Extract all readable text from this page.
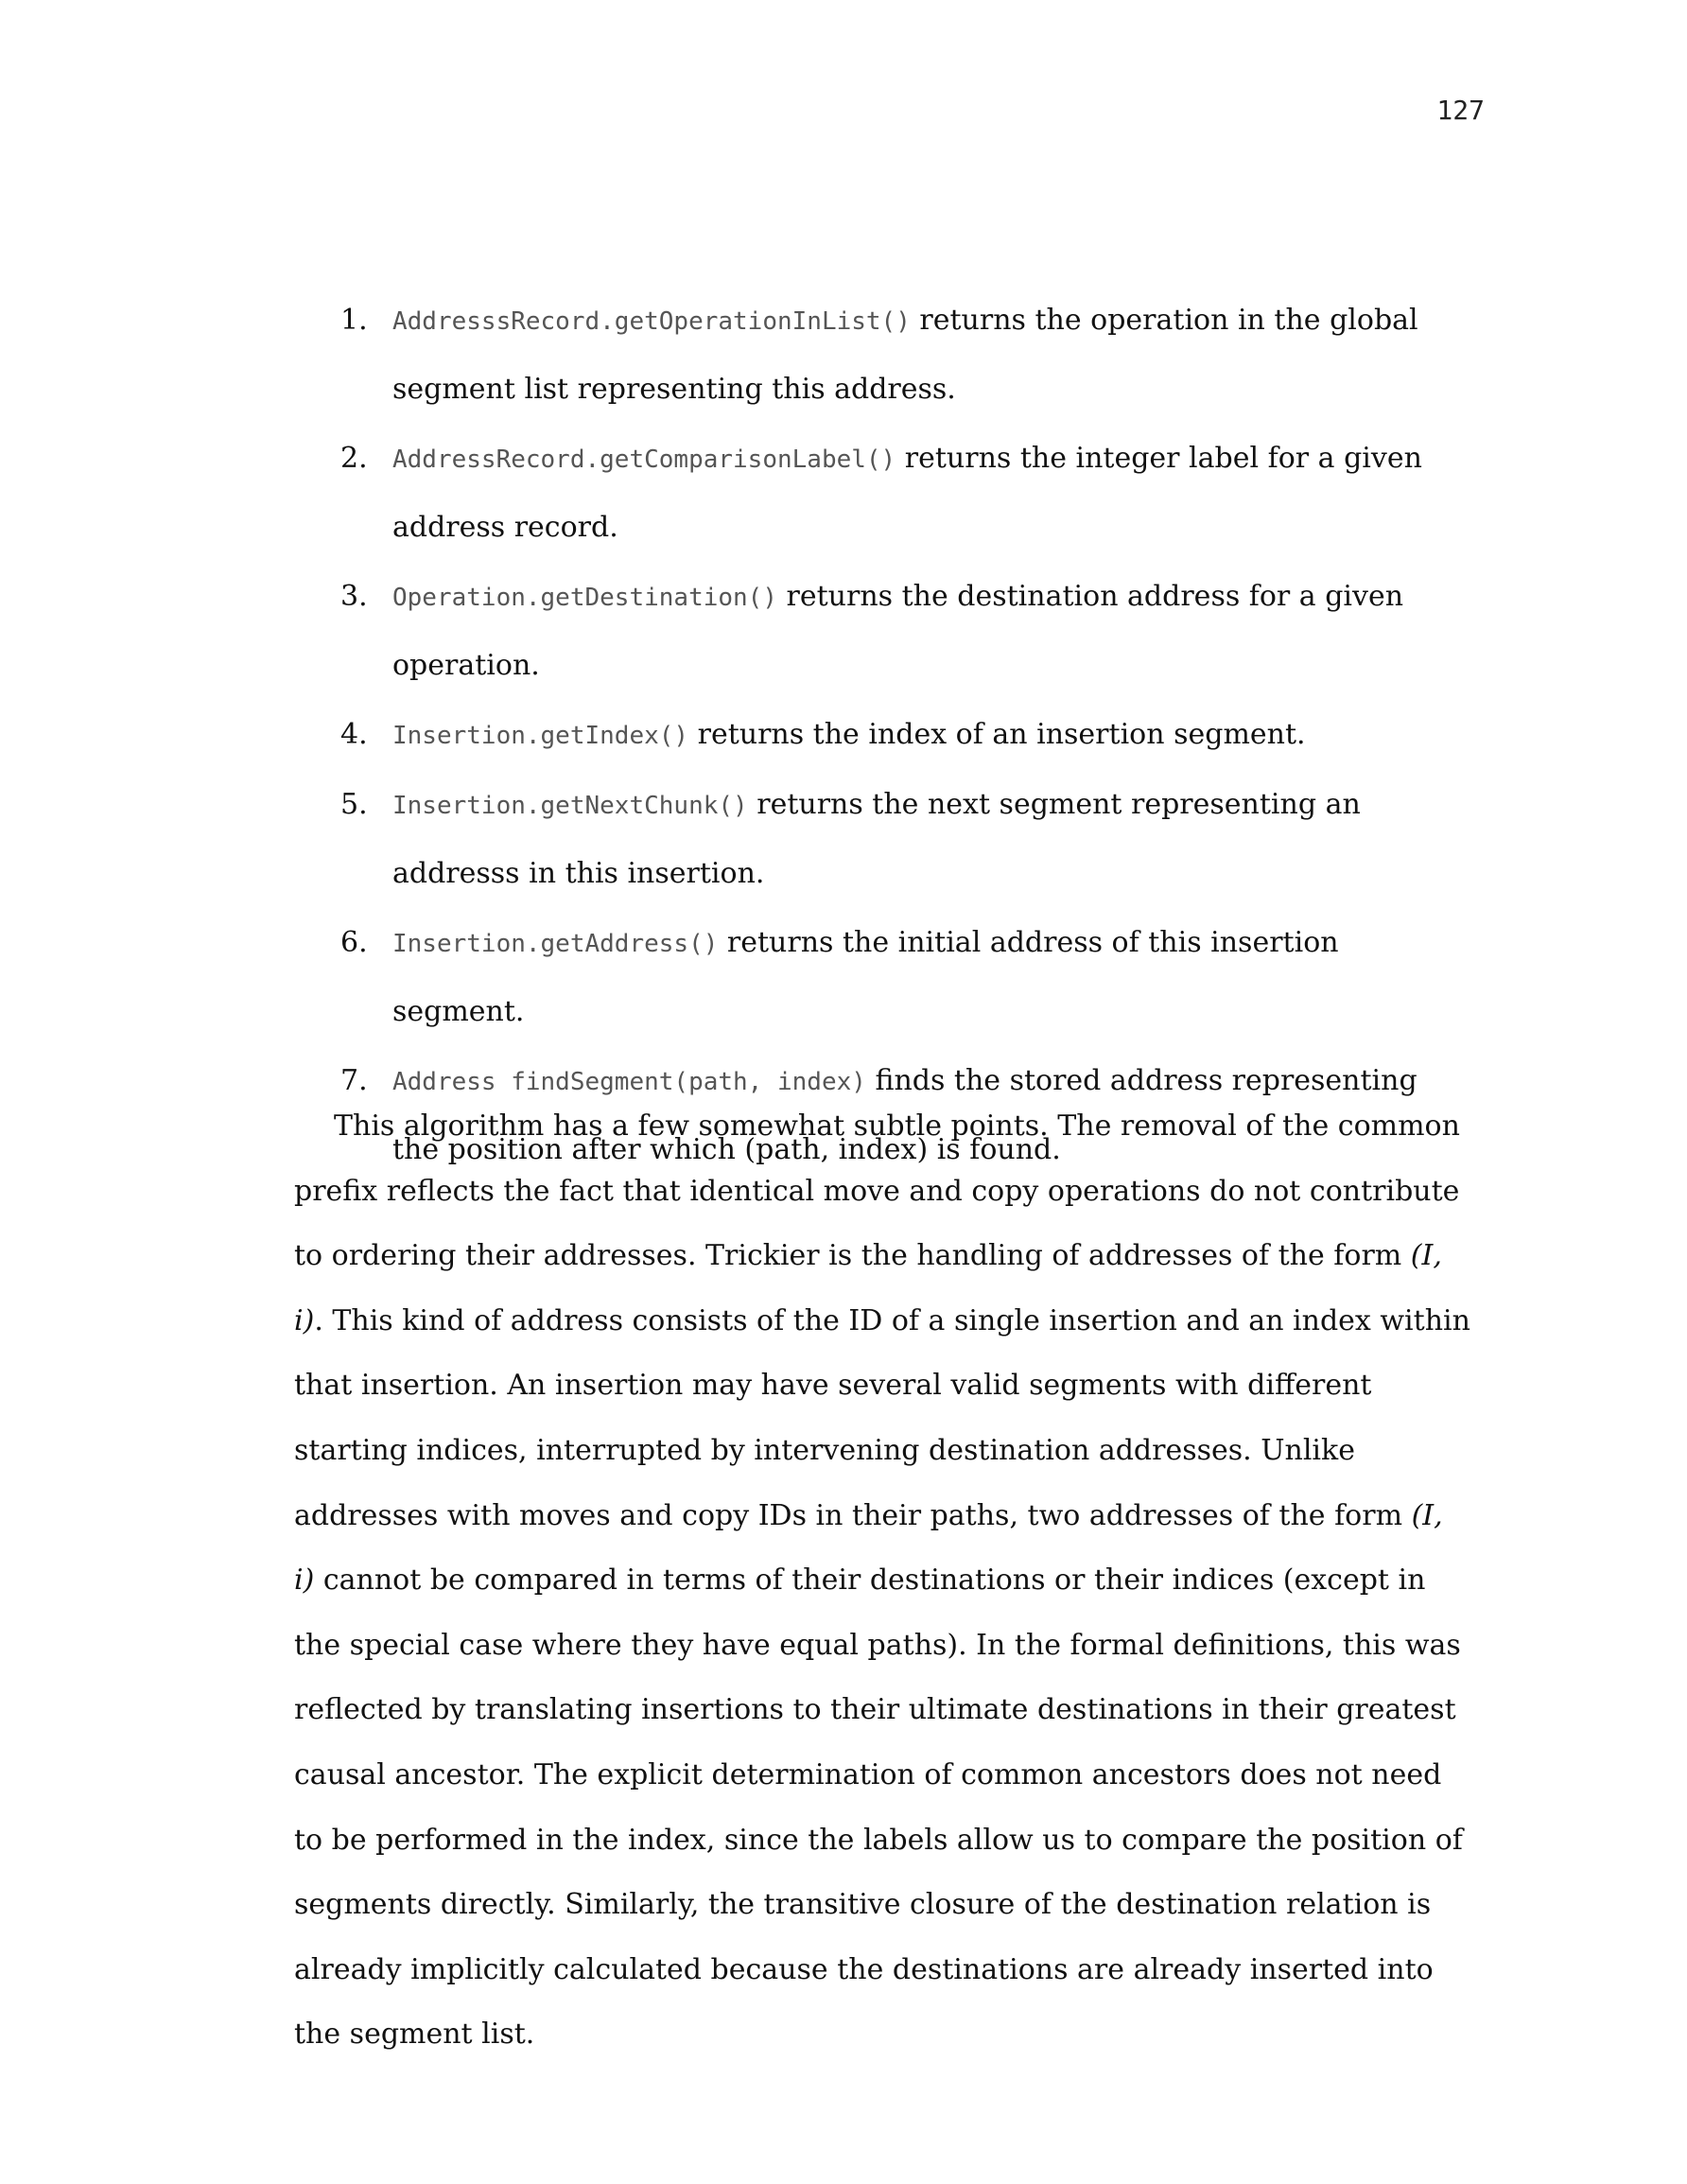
127
1.	AddresssRecord.getOperationInList() returns the operation in the global segment list representing this address.
2.	AddressRecord.getComparisonLabel() returns the integer label for a given address record.
3.	Operation.getDestination() returns the destination address for a given operation.
4.	Insertion.getIndex() returns the index of an insertion segment.
5.	Insertion.getNextChunk() returns the next segment representing an addresss in this insertion.
6.	Insertion.getAddress() returns the initial address of this insertion segment.
7.	Address findSegment(path, index) finds the stored address representing the position after which (path, index) is found.

This algorithm has a few somewhat subtle points. The removal of the common prefix reflects the fact that identical move and copy operations do not contribute to ordering their addresses. Trickier is the handling of addresses of the form (I, i). This kind of address consists of the ID of a single insertion and an index within that insertion. An insertion may have several valid segments with different starting indices, interrupted by intervening destination addresses. Unlike addresses with moves and copy IDs in their paths, two addresses of the form (I, i) cannot be compared in terms of their destinations or their indices (except in the special case where they have equal paths). In the formal definitions, this was reflected by translating insertions to their ultimate destinations in their greatest causal ancestor. The explicit determination of common ancestors does not need to be performed in the index, since the labels allow us to compare the position of segments directly. Similarly, the transitive closure of the destination relation is already implicitly calculated because the destinations are already inserted into the segment list.
